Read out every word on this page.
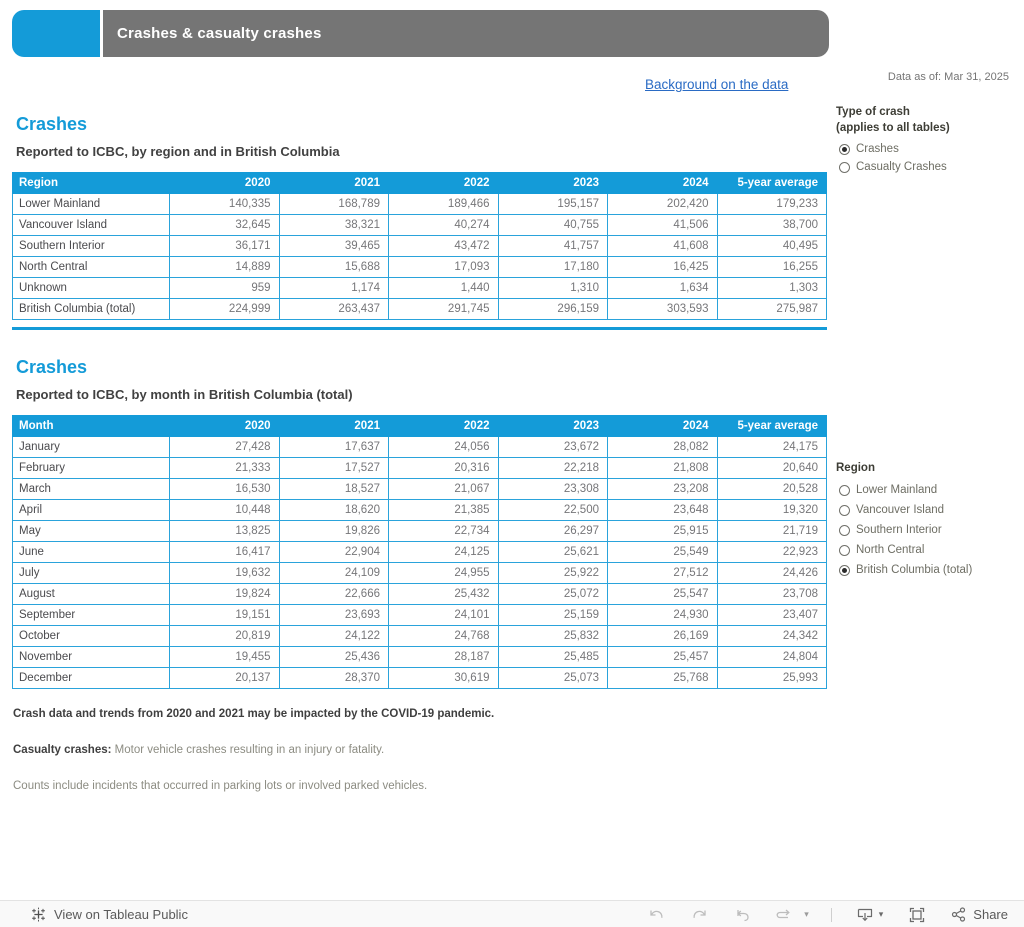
Crashes & casualty crashes
Background on the data	Data as of: Mar 31, 2025
Crashes
Reported to ICBC, by region and in British Columbia
Region	2020	2021	2022	2023	2024	5-year average
Lower Mainland	140,335	168,789	189,466	195,157	202,420	179,233
Vancouver Island	32,645	38,321	40,274	40,755	41,506	38,700
Southern Interior	36,171	39,465	43,472	41,757	41,608	40,495
North Central	14,889	15,688	17,093	17,180	16,425	16,255
Unknown	959	1,174	1,440	1,310	1,634	1,303
British Columbia (total)	224,999	263,437	291,745	296,159	303,593	275,987
Crashes
Reported to ICBC, by month in British Columbia (total)
Month	2020	2021	2022	2023	2024	5-year average
January	27,428	17,637	24,056	23,672	28,082	24,175
February	21,333	17,527	20,316	22,218	21,808	20,640
March	16,530	18,527	21,067	23,308	23,208	20,528
April	10,448	18,620	21,385	22,500	23,648	19,320
May	13,825	19,826	22,734	26,297	25,915	21,719
June	16,417	22,904	24,125	25,621	25,549	22,923
July	19,632	24,109	24,955	25,922	27,512	24,426
August	19,824	22,666	25,432	25,072	25,547	23,708
September	19,151	23,693	24,101	25,159	24,930	23,407
October	20,819	24,122	24,768	25,832	26,169	24,342
November	19,455	25,436	28,187	25,485	25,457	24,804
December	20,137	28,370	30,619	25,073	25,768	25,993
Type of crash
(applies to all tables)
Crashes
Casualty Crashes
Region
Lower Mainland
Vancouver Island
Southern Interior
North Central
British Columbia (total)
Crash data and trends from 2020 and 2021 may be impacted by the COVID-19 pandemic.
Casualty crashes: Motor vehicle crashes resulting in an injury or fatality.
Counts include incidents that occurred in parking lots or involved parked vehicles.
View on Tableau Public	▾	▾	Share
